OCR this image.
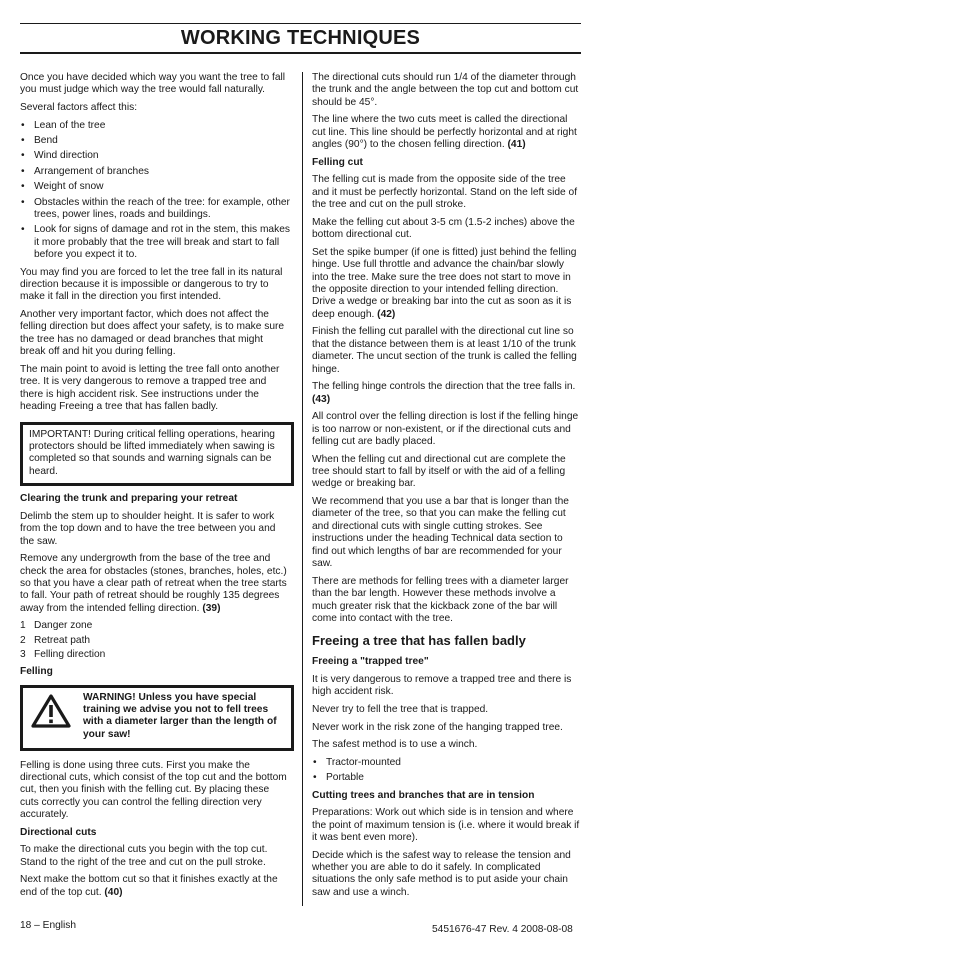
WORKING TECHNIQUES

Once you have decided which way you want the tree to fall you must judge which way the tree would fall naturally.

Several factors affect this:

• Lean of the tree
• Bend
• Wind direction
• Arrangement of branches
• Weight of snow
• Obstacles within the reach of the tree: for example, other trees, power lines, roads and buildings.
• Look for signs of damage and rot in the stem, this makes it more probably that the tree will break and start to fall before you expect it to.

You may find you are forced to let the tree fall in its natural direction because it is impossible or dangerous to try to make it fall in the direction you first intended.

Another very important factor, which does not affect the felling direction but does affect your safety, is to make sure the tree has no damaged or dead branches that might break off and hit you during felling.

The main point to avoid is letting the tree fall onto another tree. It is very dangerous to remove a trapped tree and there is high accident risk. See instructions under the heading Freeing a tree that has fallen badly.

IMPORTANT! During critical felling operations, hearing protectors should be lifted immediately when sawing is completed so that sounds and warning signals can be heard.

Clearing the trunk and preparing your retreat

Delimb the stem up to shoulder height. It is safer to work from the top down and to have the tree between you and the saw.

Remove any undergrowth from the base of the tree and check the area for obstacles (stones, branches, holes, etc.) so that you have a clear path of retreat when the tree starts to fall. Your path of retreat should be roughly 135 degrees away from the intended felling direction. (39)

1 Danger zone
2 Retreat path
3 Felling direction

Felling

WARNING! Unless you have special training we advise you not to fell trees with a diameter larger than the length of your saw!

Felling is done using three cuts. First you make the directional cuts, which consist of the top cut and the bottom cut, then you finish with the felling cut. By placing these cuts correctly you can control the felling direction very accurately.

Directional cuts

To make the directional cuts you begin with the top cut. Stand to the right of the tree and cut on the pull stroke.

Next make the bottom cut so that it finishes exactly at the end of the top cut. (40)

The directional cuts should run 1/4 of the diameter through the trunk and the angle between the top cut and bottom cut should be 45°.

The line where the two cuts meet is called the directional cut line. This line should be perfectly horizontal and at right angles (90°) to the chosen felling direction. (41)

Felling cut

The felling cut is made from the opposite side of the tree and it must be perfectly horizontal. Stand on the left side of the tree and cut on the pull stroke.

Make the felling cut about 3-5 cm (1.5-2 inches) above the bottom directional cut.

Set the spike bumper (if one is fitted) just behind the felling hinge. Use full throttle and advance the chain/bar slowly into the tree. Make sure the tree does not start to move in the opposite direction to your intended felling direction. Drive a wedge or breaking bar into the cut as soon as it is deep enough. (42)

Finish the felling cut parallel with the directional cut line so that the distance between them is at least 1/10 of the trunk diameter. The uncut section of the trunk is called the felling hinge.

The felling hinge controls the direction that the tree falls in.
(43)

All control over the felling direction is lost if the felling hinge is too narrow or non-existent, or if the directional cuts and felling cut are badly placed.

When the felling cut and directional cut are complete the tree should start to fall by itself or with the aid of a felling wedge or breaking bar.

We recommend that you use a bar that is longer than the diameter of the tree, so that you can make the felling cut and directional cuts with single cutting strokes. See instructions under the heading Technical data section to find out which lengths of bar are recommended for your saw.

There are methods for felling trees with a diameter larger than the bar length. However these methods involve a much greater risk that the kickback zone of the bar will come into contact with the tree.

Freeing a tree that has fallen badly

Freeing a "trapped tree"

It is very dangerous to remove a trapped tree and there is high accident risk.

Never try to fell the tree that is trapped.

Never work in the risk zone of the hanging trapped tree.

The safest method is to use a winch.

• Tractor-mounted
• Portable

Cutting trees and branches that are in tension

Preparations: Work out which side is in tension and where the point of maximum tension is (i.e. where it would break if it was bent even more).

Decide which is the safest way to release the tension and whether you are able to do it safely. In complicated situations the only safe method is to put aside your chain saw and use a winch.

18 – English	5451676-47 Rev. 4 2008-08-08
